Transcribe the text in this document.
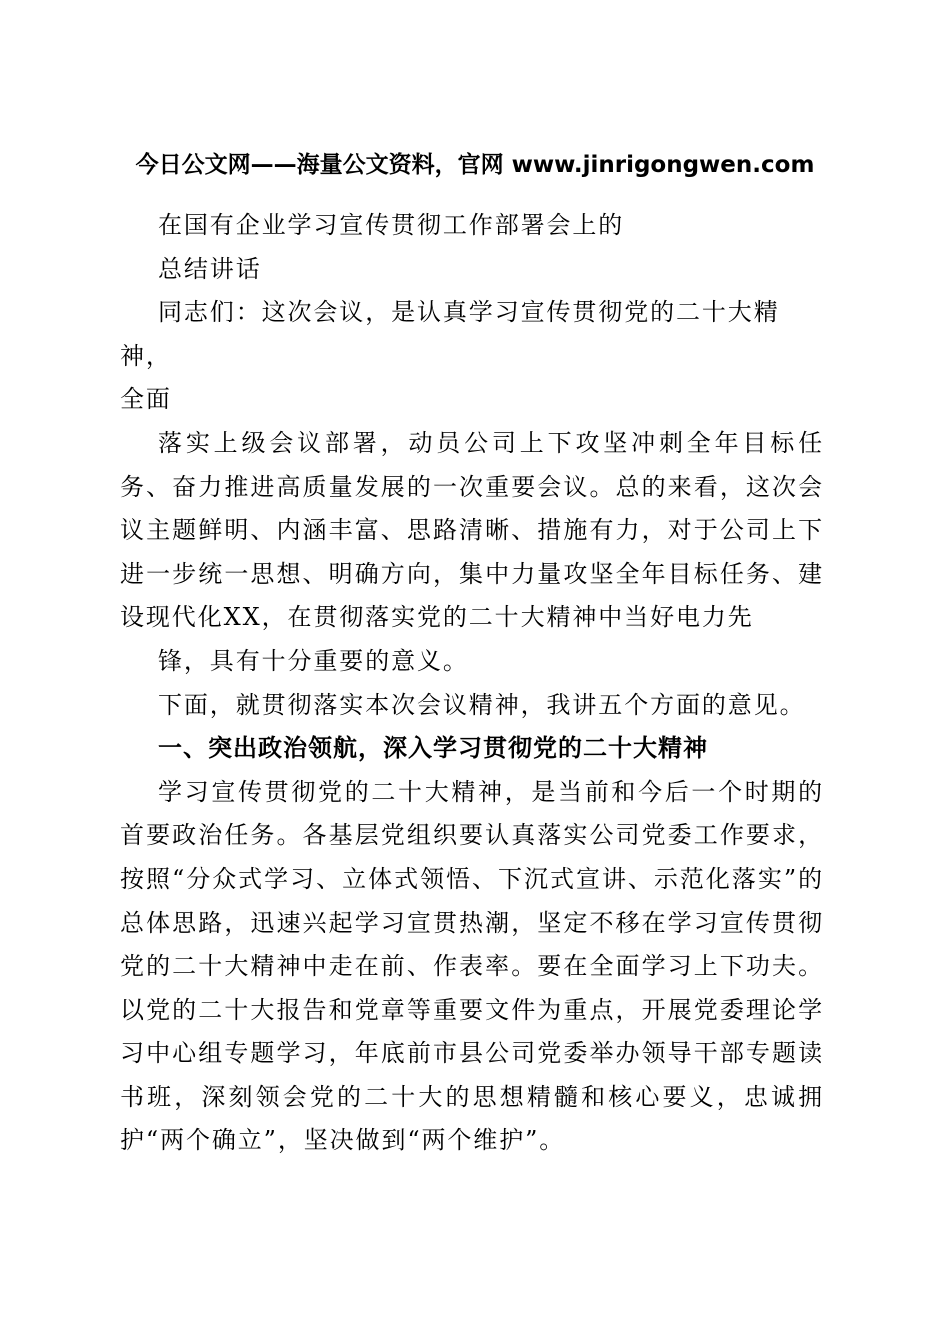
今日公文网——海量公文资料，官网 www.jinrigongwen.com

在国有企业学习宣传贯彻工作部署会上的

总结讲话

同志们：这次会议，是认真学习宣传贯彻党的二十大精神，

全面

落实上级会议部署，动员公司上下攻坚冲刺全年目标任务、奋力推进高质量发展的一次重要会议。总的来看，这次会议主题鲜明、内涵丰富、思路清晰、措施有力，对于公司上下进一步统一思想、明确方向，集中力量攻坚全年目标任务、建设现代化XX，在贯彻落实党的二十大精神中当好电力先

锋，具有十分重要的意义。

下面，就贯彻落实本次会议精神，我讲五个方面的意见。

一、突出政治领航，深入学习贯彻党的二十大精神

学习宣传贯彻党的二十大精神，是当前和今后一个时期的首要政治任务。各基层党组织要认真落实公司党委工作要求，按照“分众式学习、立体式领悟、下沉式宣讲、示范化落实”的总体思路，迅速兴起学习宣贯热潮，坚定不移在学习宣传贯彻党的二十大精神中走在前、作表率。要在全面学习上下功夫。以党的二十大报告和党章等重要文件为重点，开展党委理论学习中心组专题学习，年底前市县公司党委举办领导干部专题读书班，深刻领会党的二十大的思想精髓和核心要义，忠诚拥护“两个确立”，坚决做到“两个维护”。
